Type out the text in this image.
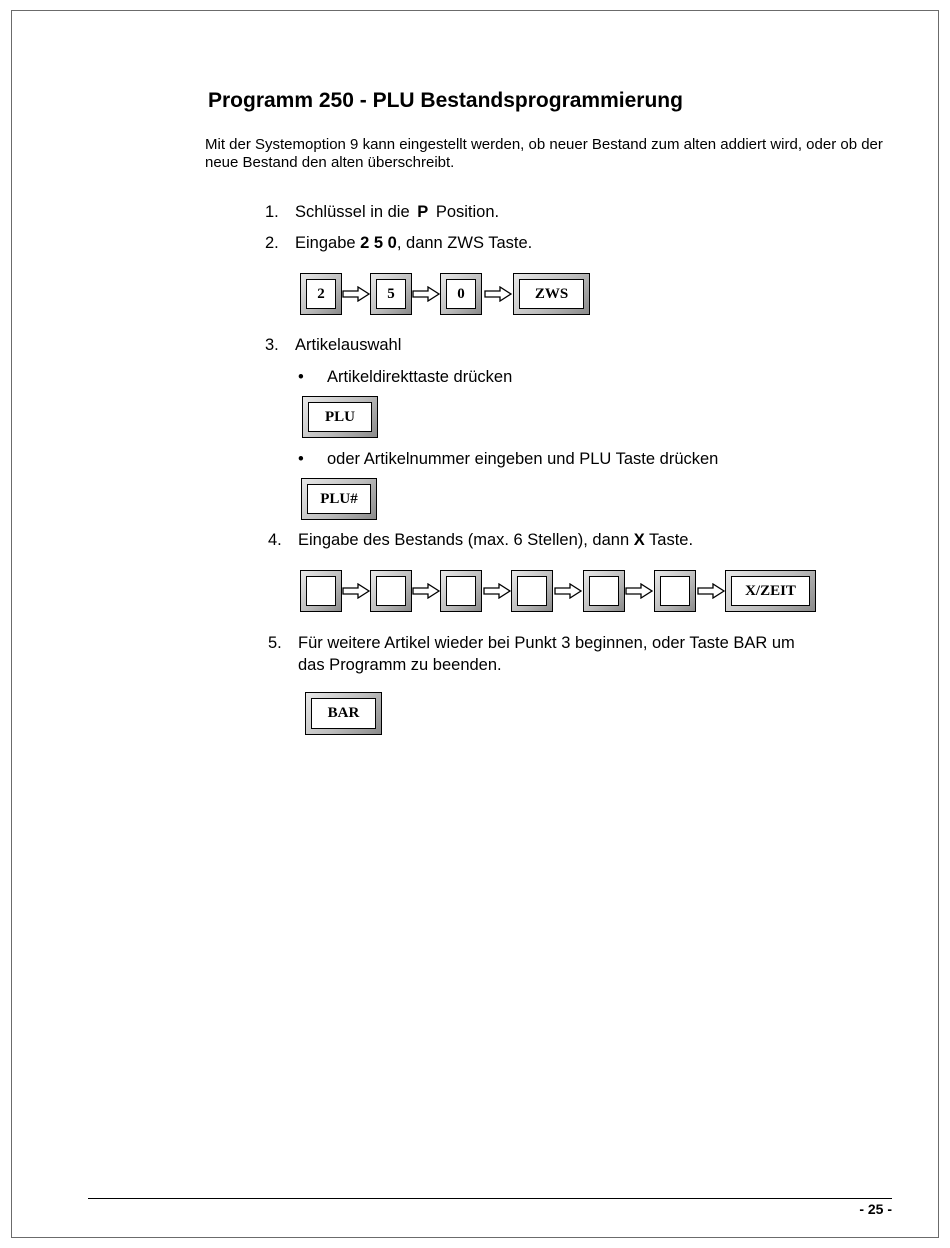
Programm 250 - PLU Bestandsprogrammierung

Mit der Systemoption 9 kann eingestellt werden, ob neuer Bestand zum alten addiert wird, oder ob der neue Bestand den alten überschreibt.

1. Schlüssel in die P Position.
2. Eingabe 2 5 0, dann ZWS Taste.
2	5	0	ZWS
3. Artikelauswahl
• Artikeldirekttaste drücken
PLU
• oder Artikelnummer eingeben und PLU Taste drücken
PLU#
4. Eingabe des Bestands (max. 6 Stellen), dann X Taste.
X/ZEIT
5. Für weitere Artikel wieder bei Punkt 3 beginnen, oder Taste BAR um
das Programm zu beenden.
BAR
- 25 -
